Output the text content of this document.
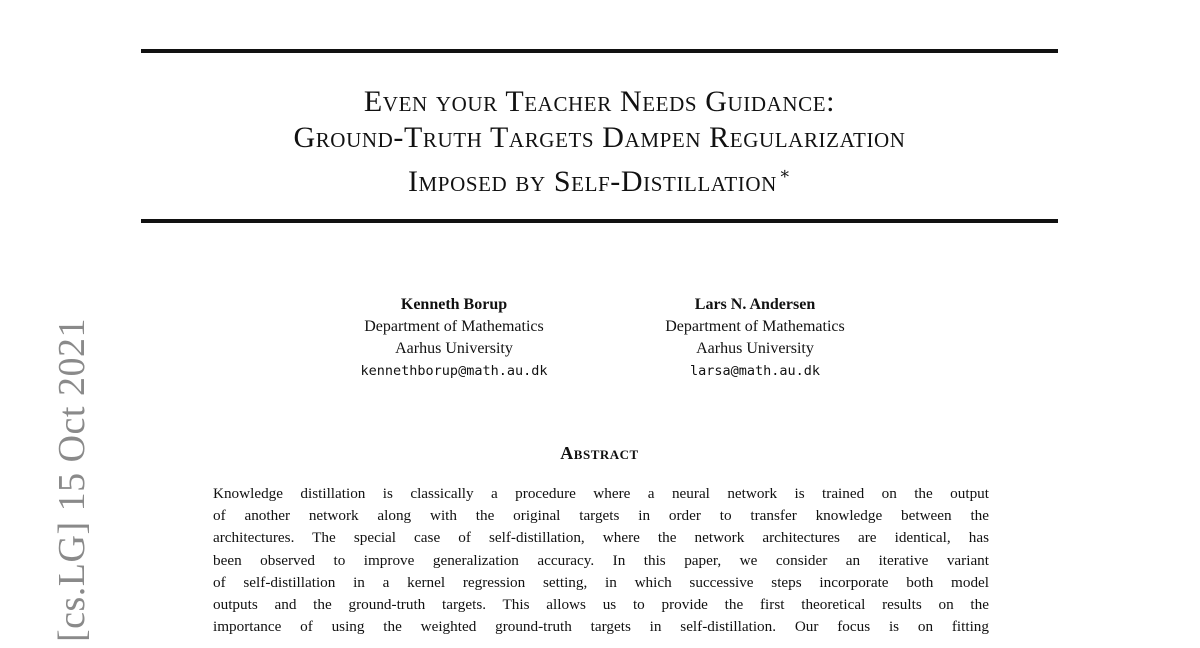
[cs.LG] 15 Oct 2021
Even your Teacher Needs Guidance:
Ground-Truth Targets Dampen Regularization
Imposed by Self-Distillation ∗
Kenneth Borup
Department of Mathematics
Aarhus University
kennethborup@math.au.dk
Lars N. Andersen
Department of Mathematics
Aarhus University
larsa@math.au.dk
Abstract
Knowledge distillation is classically a procedure where a neural network is trained on the output
of another network along with the original targets in order to transfer knowledge between the
architectures. The special case of self-distillation, where the network architectures are identical, has
been observed to improve generalization accuracy. In this paper, we consider an iterative variant
of self-distillation in a kernel regression setting, in which successive steps incorporate both model
outputs and the ground-truth targets. This allows us to provide the first theoretical results on the
importance of using the weighted ground-truth targets in self-distillation. Our focus is on fitting
